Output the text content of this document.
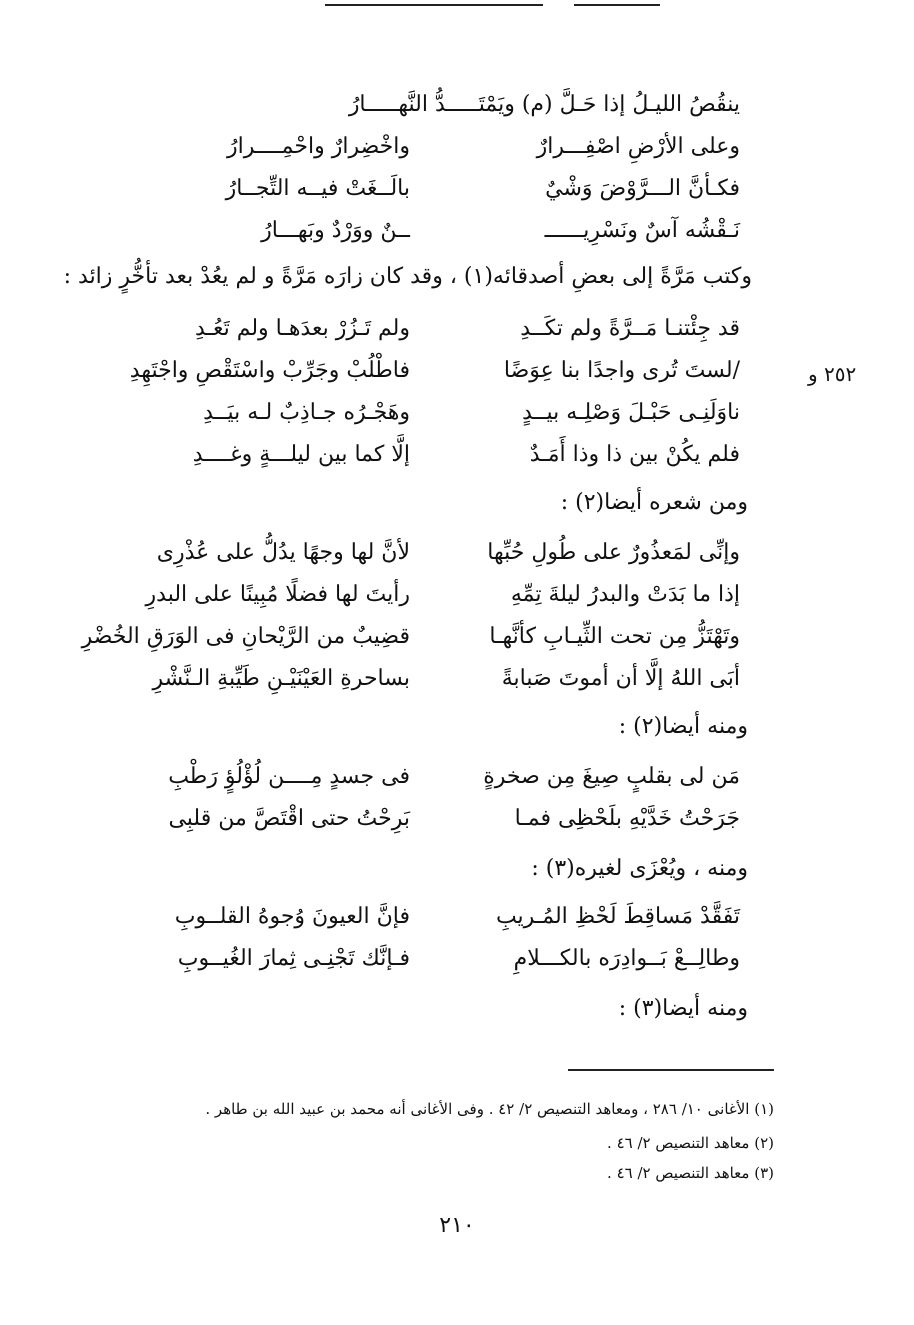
ينقُصُ الليـلُ إذا حَـلَّ (م) ويَمْتَـــــدُّ النَّهـــــارُ
وعلى الأرْضِ اصْفِـــرارٌ
واخْضِرارٌ واحْمِــــرارُ
فكـأنَّ الـــرَّوْضَ وَشْيٌ
بالَــغَتْ فيــه التِّجــارُ
نَـقْشُه آسٌ ونَسْرِيــــــ
ــنٌ ووَرْدٌ وبَهـــارُ
وكتب مَرَّةً إلى بعضِ أصدقائه(١) ، وقد كان زارَه مَرَّةً و لم يعُدْ بعد تأخُّرٍ زائد :
قد جِئْتنـا مَــرَّةً ولم تكَــدِ
ولم تَـزُرْ بعدَهـا ولم تَعُـدِ
/لستَ تُرى واجدًا بنا عِوَضًا
فاطْلُبْ وجَرِّبْ واسْتَقْصِ واجْتَهِدِ
ناوَلَنِـى حَبْـلَ وَصْلِـه بيــدٍ
وهَجْـرُه جـاذِبٌ لـه بيَــدِ
فلم يكُنْ بين ذا وذا أَمَـدٌ
إلَّا كما بين ليلـــةٍ وغــــدِ
٢٥٢ و
ومن شعره أيضا(٢) :
وإنِّى لمَعذُورٌ على طُولِ حُبِّها
لأنَّ لها وجهًا يدُلُّ على عُذْرِى
إذا ما بَدَتْ والبدرُ ليلةَ تِمِّهِ
رأيتَ لها فضلًا مُبِينًا على البدرِ
وتَهْتَزُّ مِن تحت الثِّيـابِ كأنَّهـا
قضِيبٌ من الرَّيْحانِ فى الوَرَقِ الخُضْرِ
أبَى اللهُ إلَّا أن أموتَ صَبابةً
بساحرةِ العَيْنَيْـنِ طَيِّبةِ الـنَّشْرِ
ومنه أيضا(٢) :
مَن لى بقلبٍ صِيغَ مِن صخرةٍ
فى جسدٍ مِــــن لُؤْلُؤٍ رَطْبِ
جَرَحْتُ خَدَّيْهِ بلَحْظِى فمـا
بَرِحْتُ حتى اقْتَصَّ من قلبِى
ومنه ، ويُعْزَى لغيره(٣) :
تَفَقَّدْ مَساقِطَ لَحْظِ المُـريبِ
فإنَّ العيونَ وُجوهُ القلــوبِ
وطالِــعْ بَــوادِرَه بالكـــلامِ
فـإنَّك تَجْنِـى ثِمارَ الغُيــوبِ
ومنه أيضا(٣) :
(١) الأغانى ١٠/ ٢٨٦ ، ومعاهد التنصيص ٢/ ٤٢ . وفى الأغانى أنه محمد بن عبيد الله بن طاهر .
(٢) معاهد التنصيص ٢/ ٤٦ .
(٣) معاهد التنصيص ٢/ ٤٦ .
٢١٠
